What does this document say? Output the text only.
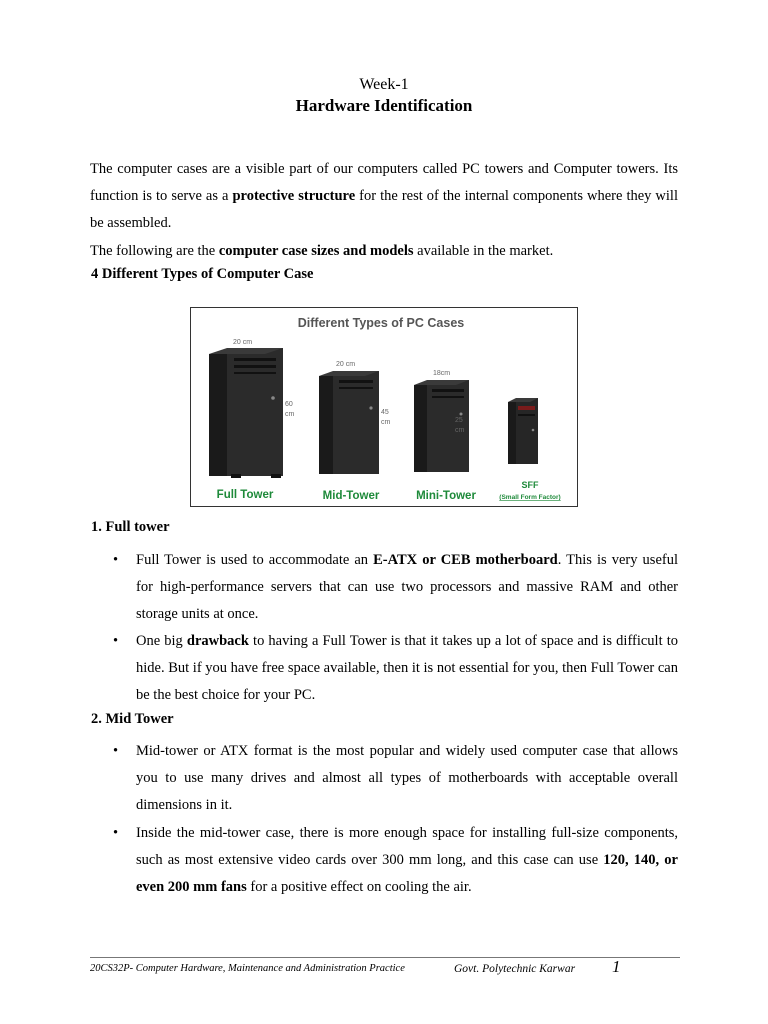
Week-1
Hardware Identification
The computer cases are a visible part of our computers called PC towers and Computer towers. Its function is to serve as a protective structure for the rest of the internal components where they will be assembled.
The following are the computer case sizes and models available in the market.
4 Different Types of Computer Case
Different Types of PC Cases
20 cm
60
cm
20 cm
45
cm
18cm
25
cm
Full Tower	Mid-Tower	Mini-Tower
SFF
(Small Form Factor)
1. Full tower
•	Full Tower is used to accommodate an E-ATX or CEB motherboard. This is very useful for high-performance servers that can use two processors and massive RAM and other storage units at once.
•	One big drawback to having a Full Tower is that it takes up a lot of space and is difficult to hide. But if you have free space available, then it is not essential for you, then Full Tower can be the best choice for your PC.
2. Mid Tower
•	Mid-tower or ATX format is the most popular and widely used computer case that allows you to use many drives and almost all types of motherboards with acceptable overall dimensions in it.
•	Inside the mid-tower case, there is more enough space for installing full-size components, such as most extensive video cards over 300 mm long, and this case can use 120, 140, or even 200 mm fans for a positive effect on cooling the air.
20CS32P- Computer Hardware, Maintenance and Administration Practice	Govt. Polytechnic Karwar 1
